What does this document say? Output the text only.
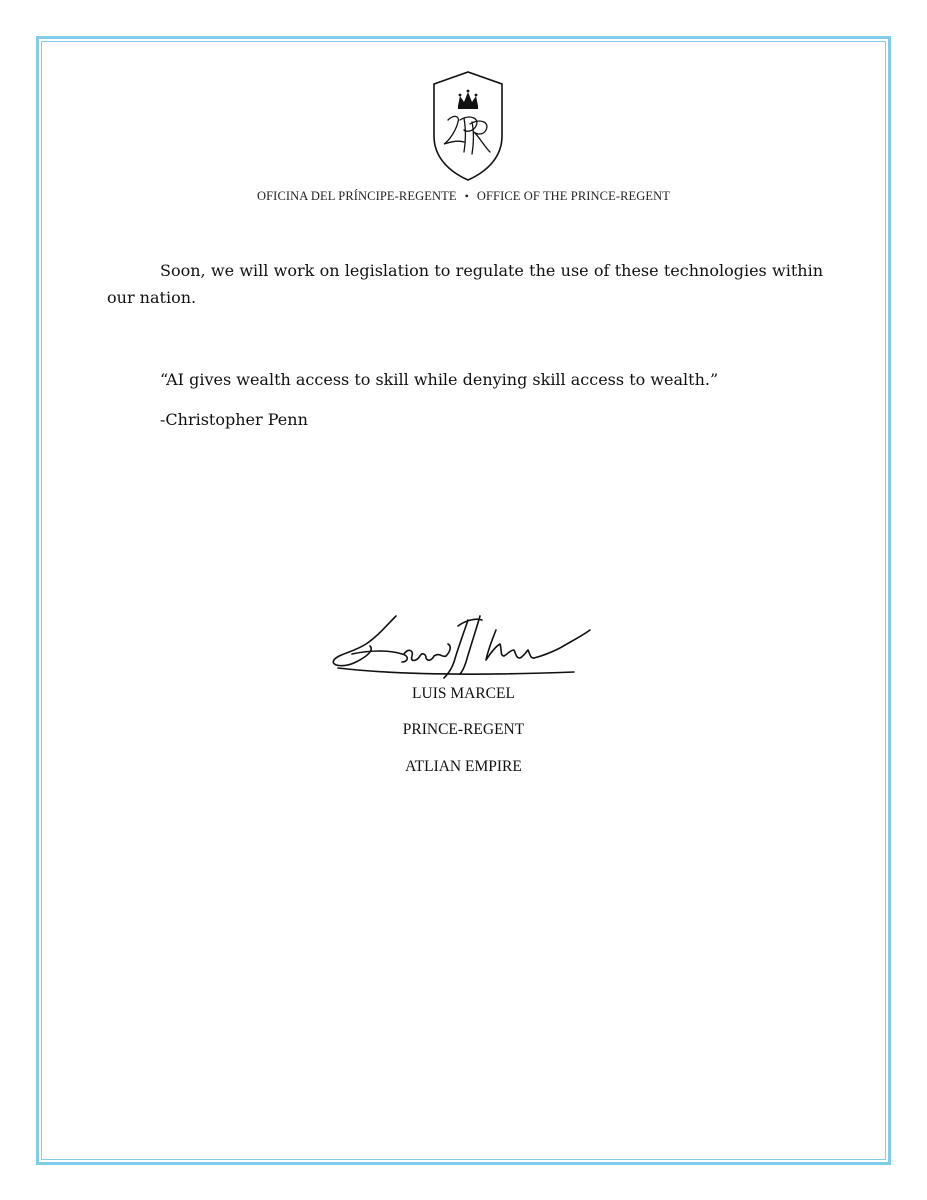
OFICINA DEL PRÍNCIPE-REGENTE • OFFICE OF THE PRINCE-REGENT

Soon, we will work on legislation to regulate the use of these technologies within our nation.

“AI gives wealth access to skill while denying skill access to wealth.”

-Christopher Penn

LUIS MARCEL
PRINCE-REGENT
ATLIAN EMPIRE
